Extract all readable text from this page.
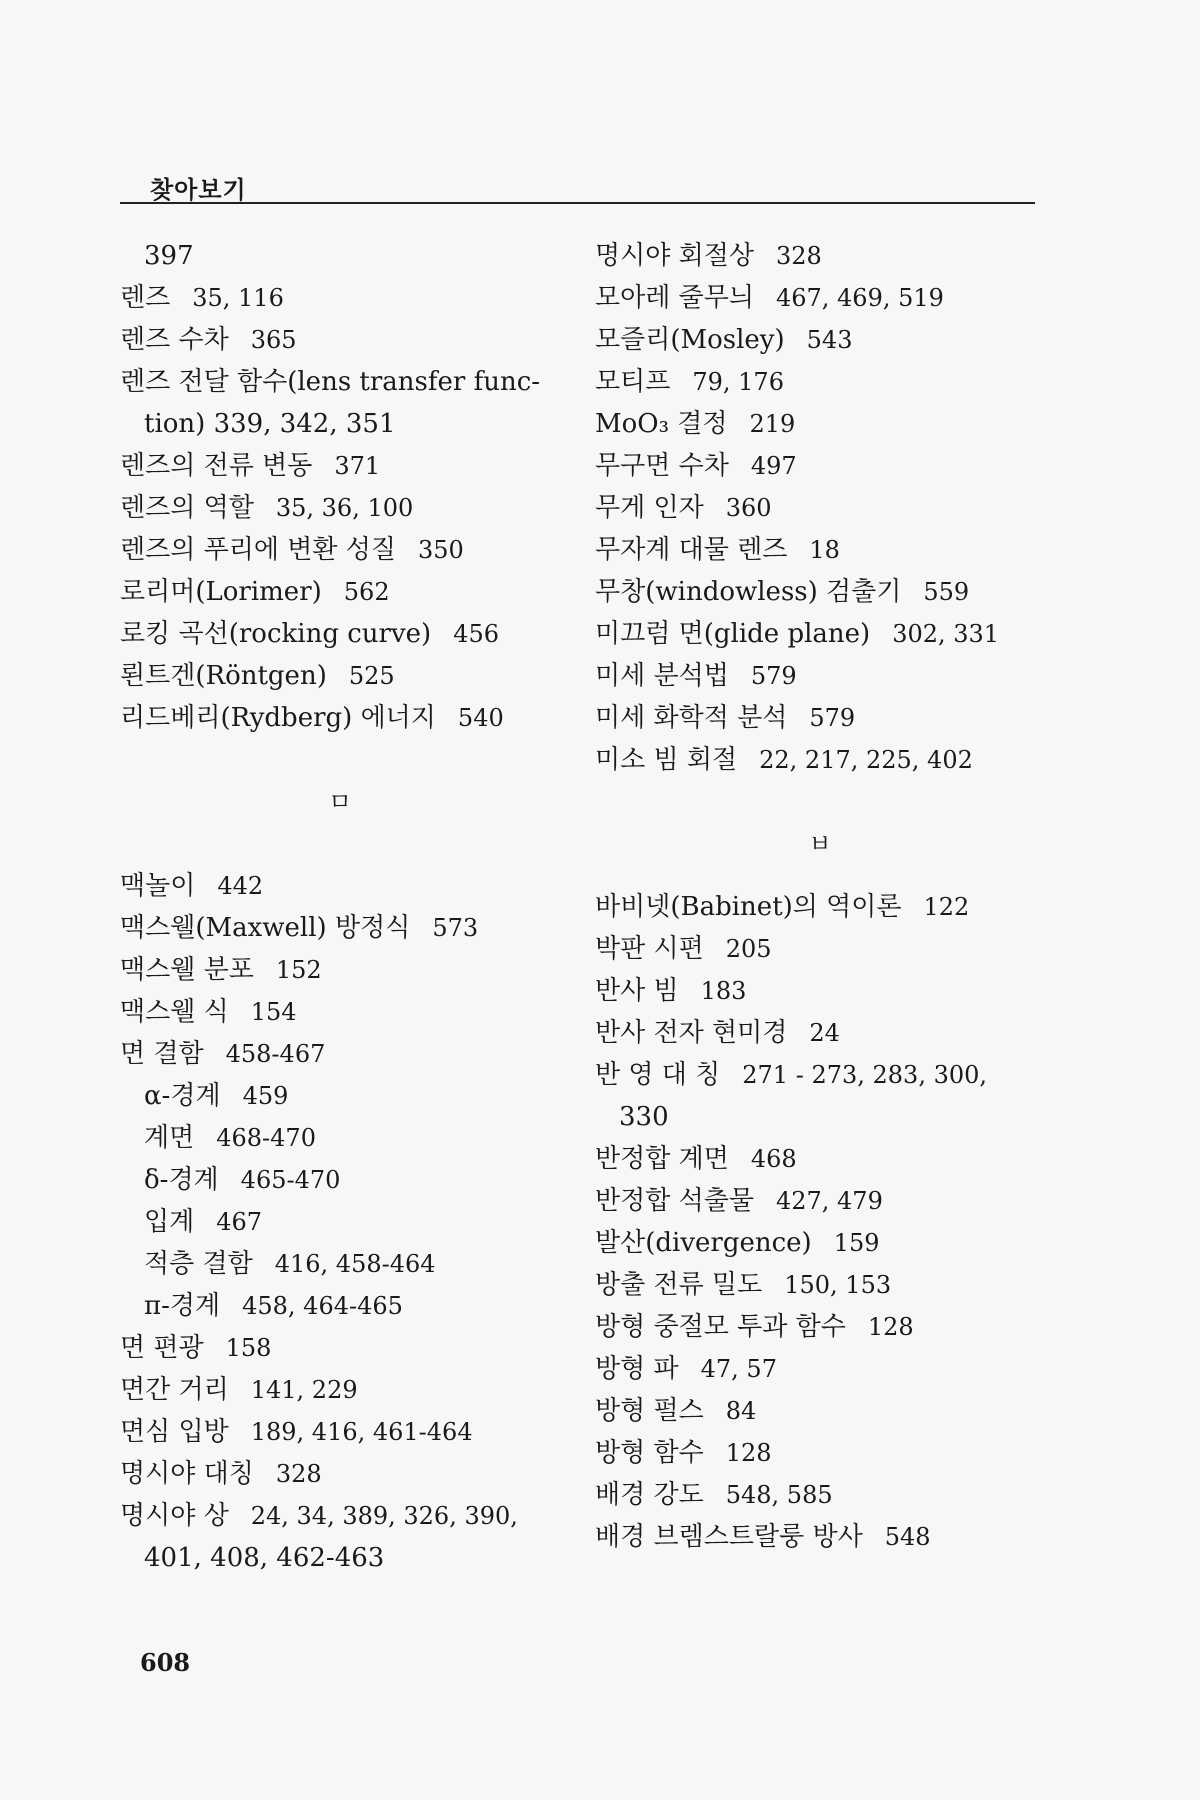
찾아보기
397
렌즈 35, 116
렌즈 수차 365
렌즈 전달 함수(lens transfer func-
tion) 339, 342, 351
렌즈의 전류 변동 371
렌즈의 역할 35, 36, 100
렌즈의 푸리에 변환 성질 350
로리머(Lorimer) 562
로킹 곡선(rocking curve) 456
뢴트겐(Röntgen) 525
리드베리(Rydberg) 에너지 540
ㅁ
맥놀이 442
맥스웰(Maxwell) 방정식 573
맥스웰 분포 152
맥스웰 식 154
면 결함 458-467
α-경계 459
계면 468-470
δ-경계 465-470
입계 467
적층 결함 416, 458-464
π-경계 458, 464-465
면 편광 158
면간 거리 141, 229
면심 입방 189, 416, 461-464
명시야 대칭 328
명시야 상 24, 34, 389, 326, 390,
401, 408, 462-463
명시야 회절상 328
모아레 줄무늬 467, 469, 519
모즐리(Mosley) 543
모티프 79, 176
MoO₃ 결정 219
무구면 수차 497
무게 인자 360
무자계 대물 렌즈 18
무창(windowless) 검출기 559
미끄럼 면(glide plane) 302, 331
미세 분석법 579
미세 화학적 분석 579
미소 빔 회절 22, 217, 225, 402
ㅂ
바비넷(Babinet)의 역이론 122
박판 시편 205
반사 빔 183
반사 전자 현미경 24
반 영 대 칭 271 - 273, 283, 300,
330
반정합 계면 468
반정합 석출물 427, 479
발산(divergence) 159
방출 전류 밀도 150, 153
방형 중절모 투과 함수 128
방형 파 47, 57
방형 펄스 84
방형 함수 128
배경 강도 548, 585
배경 브렘스트랄룽 방사 548
608
